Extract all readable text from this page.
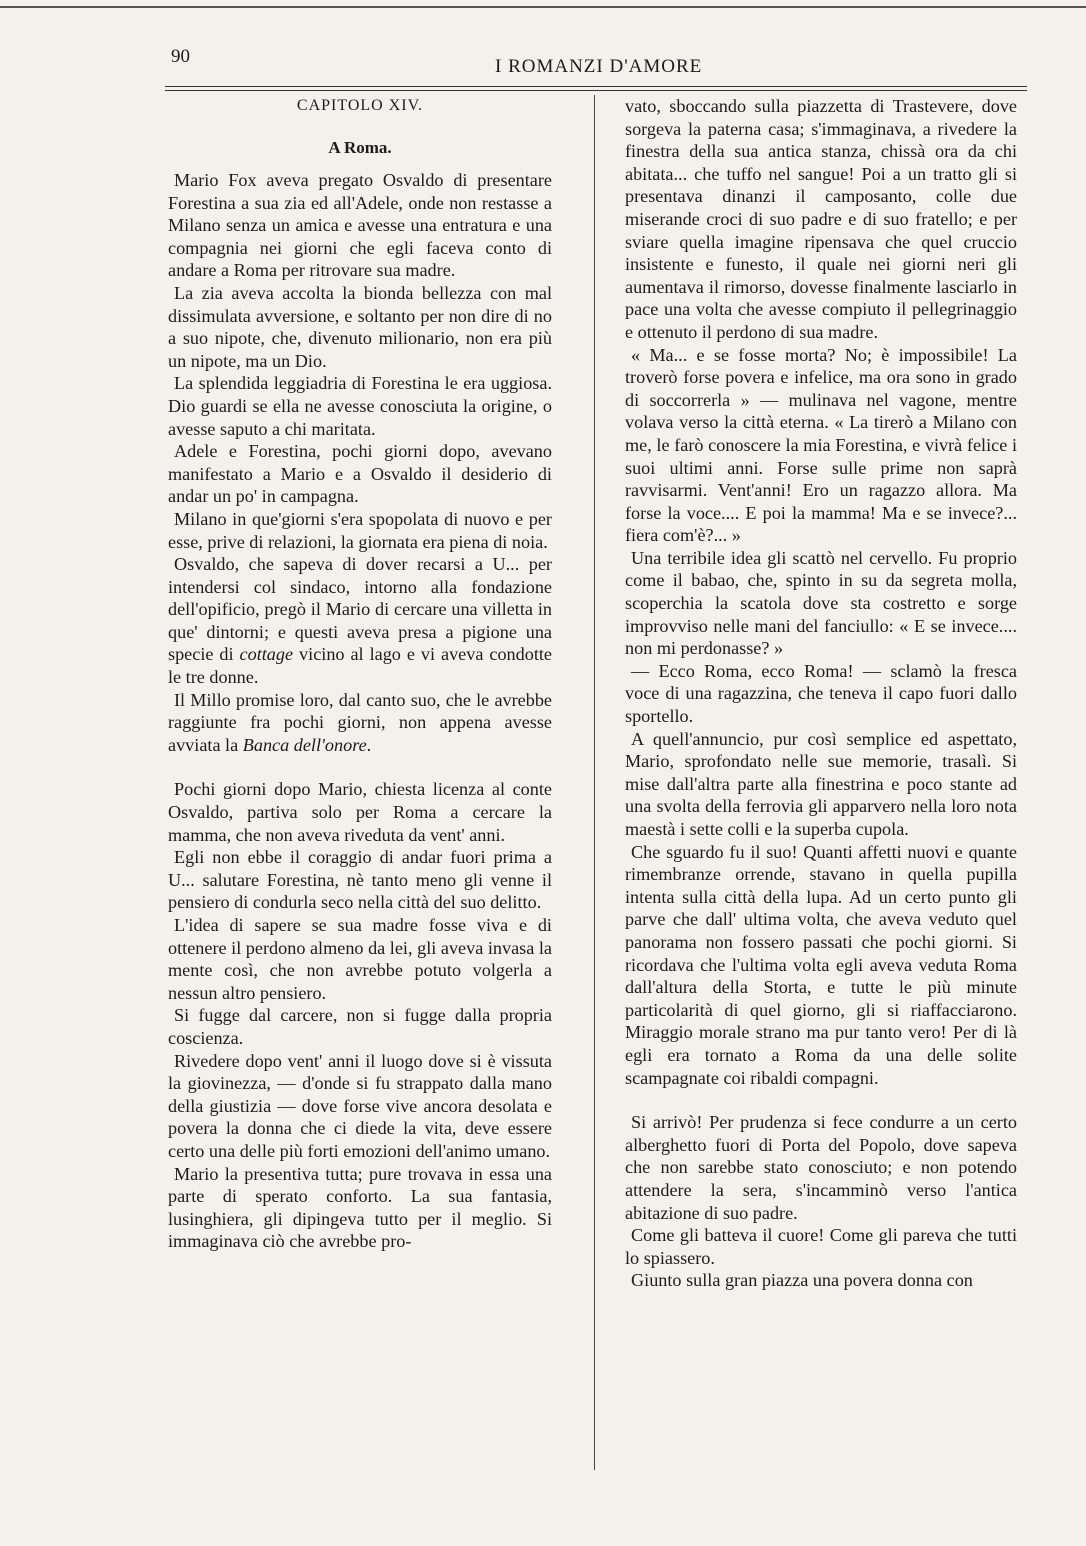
90	I ROMANZI D'AMORE

CAPITOLO XIV.

A Roma.

Mario Fox aveva pregato Osvaldo di presentare Forestina a sua zia ed all'Adele, onde non restasse a Milano senza un amica e avesse una entratura e una compagnia nei giorni che egli faceva conto di andare a Roma per ritrovare sua madre.

La zia aveva accolta la bionda bellezza con mal dissimulata avversione, e soltanto per non dire di no a suo nipote, che, divenuto milionario, non era più un nipote, ma un Dio.

La splendida leggiadria di Forestina le era uggiosa. Dio guardi se ella ne avesse conosciuta la origine, o avesse saputo a chi maritata.

Adele e Forestina, pochi giorni dopo, avevano manifestato a Mario e a Osvaldo il desiderio di andar un po' in campagna.

Milano in que'giorni s'era spopolata di nuovo e per esse, prive di relazioni, la giornata era piena di noia.

Osvaldo, che sapeva di dover recarsi a U... per intendersi col sindaco, intorno alla fondazione dell'opificio, pregò il Mario di cercare una villetta in que' dintorni; e questi aveva presa a pigione una specie di cottage vicino al lago e vi aveva condotte le tre donne.

Il Millo promise loro, dal canto suo, che le avrebbe raggiunte fra pochi giorni, non appena avesse avviata la Banca dell'onore.

Pochi giorni dopo Mario, chiesta licenza al conte Osvaldo, partiva solo per Roma a cercare la mamma, che non aveva riveduta da vent' anni.

Egli non ebbe il coraggio di andar fuori prima a U... salutare Forestina, nè tanto meno gli venne il pensiero di condurla seco nella città del suo delitto.

L'idea di sapere se sua madre fosse viva e di ottenere il perdono almeno da lei, gli aveva invasa la mente così, che non avrebbe potuto volgerla a nessun altro pensiero.

Si fugge dal carcere, non si fugge dalla propria coscienza.

Rivedere dopo vent' anni il luogo dove si è vissuta la giovinezza, — d'onde si fu strappato dalla mano della giustizia — dove forse vive ancora desolata e povera la donna che ci diede la vita, deve essere certo una delle più forti emozioni dell'animo umano.

Mario la presentiva tutta; pure trovava in essa una parte di sperato conforto. La sua fantasia, lusinghiera, gli dipingeva tutto per il meglio. Si immaginava ciò che avrebbe pro-

vato, sboccando sulla piazzetta di Trastevere, dove sorgeva la paterna casa; s'immaginava, a rivedere la finestra della sua antica stanza, chissà ora da chi abitata... che tuffo nel sangue! Poi a un tratto gli si presentava dinanzi il camposanto, colle due miserande croci di suo padre e di suo fratello; e per sviare quella imagine ripensava che quel cruccio insistente e funesto, il quale nei giorni neri gli aumentava il rimorso, dovesse finalmente lasciarlo in pace una volta che avesse compiuto il pellegrinaggio e ottenuto il perdono di sua madre.

« Ma... e se fosse morta? No; è impossibile! La troverò forse povera e infelice, ma ora sono in grado di soccorrerla » — mulinava nel vagone, mentre volava verso la città eterna. « La tirerò a Milano con me, le farò conoscere la mia Forestina, e vivrà felice i suoi ultimi anni. Forse sulle prime non saprà ravvisarmi. Vent'anni! Ero un ragazzo allora. Ma forse la voce.... E poi la mamma! Ma e se invece?... fiera com'è?... »

Una terribile idea gli scattò nel cervello. Fu proprio come il babao, che, spinto in su da segreta molla, scoperchia la scatola dove sta costretto e sorge improvviso nelle mani del fanciullo: « E se invece.... non mi perdonasse? »

— Ecco Roma, ecco Roma! — sclamò la fresca voce di una ragazzina, che teneva il capo fuori dallo sportello.

A quell'annuncio, pur così semplice ed aspettato, Mario, sprofondato nelle sue memorie, trasalì. Si mise dall'altra parte alla finestrina e poco stante ad una svolta della ferrovia gli apparvero nella loro nota maestà i sette colli e la superba cupola.

Che sguardo fu il suo! Quanti affetti nuovi e quante rimembranze orrende, stavano in quella pupilla intenta sulla città della lupa. Ad un certo punto gli parve che dall' ultima volta, che aveva veduto quel panorama non fossero passati che pochi giorni. Si ricordava che l'ultima volta egli aveva veduta Roma dall'altura della Storta, e tutte le più minute particolarità di quel giorno, gli si riaffacciarono. Miraggio morale strano ma pur tanto vero! Per di là egli era tornato a Roma da una delle solite scampagnate coi ribaldi compagni.

Si arrivò! Per prudenza si fece condurre a un certo alberghetto fuori di Porta del Popolo, dove sapeva che non sarebbe stato conosciuto; e non potendo attendere la sera, s'incamminò verso l'antica abitazione di suo padre.

Come gli batteva il cuore! Come gli pareva che tutti lo spiassero.

Giunto sulla gran piazza una povera donna con
